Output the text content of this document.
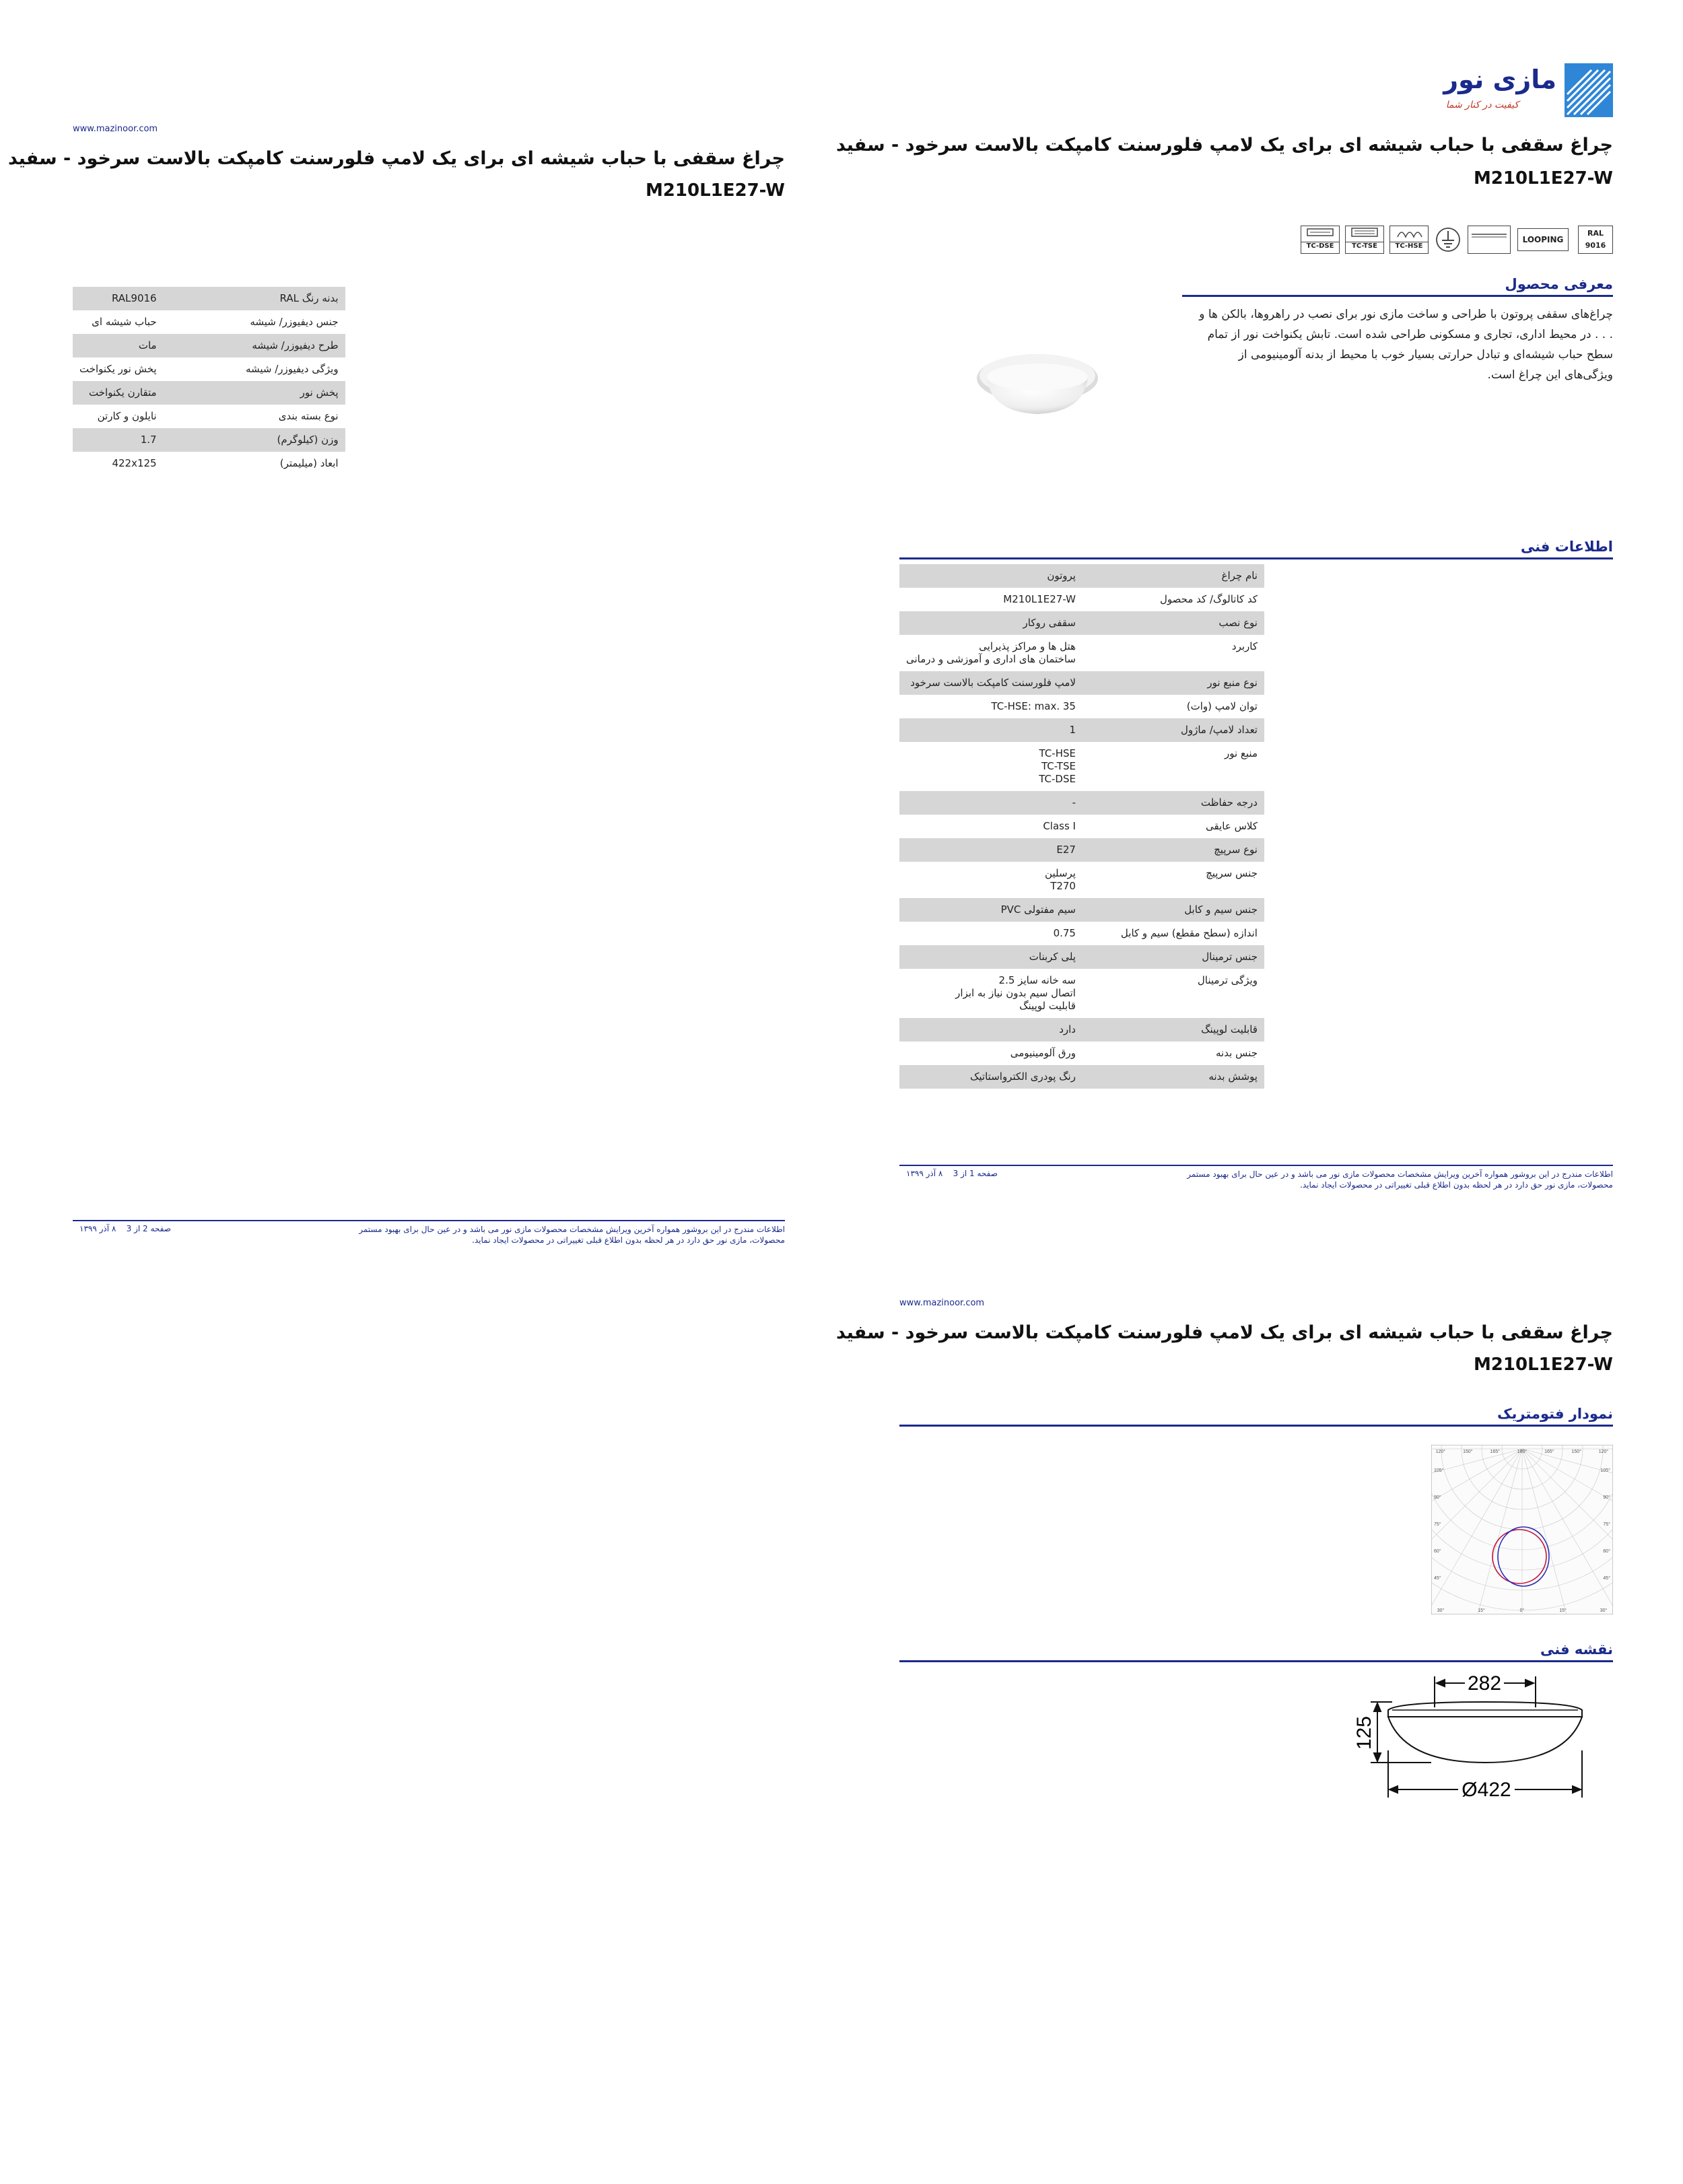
مازی نور
کیفیت در کنار شما
چراغ سقفی با حباب شیشه ای برای یک لامپ فلورسنت کامپکت بالاست سرخود - سفید
M210L1E27-W
TC-DSE	TC-TSE	TC-HSE
LOOPING
RAL
9016
معرفی محصول
چراغ‌های سقفی پروتون با طراحی و ساخت مازی نور برای نصب در راهروها، بالکن ها و . . . در محیط اداری، تجاری و مسکونی طراحی شده است. تابش یکنواخت نور از تمام سطح حباب شیشه‌ای و تبادل حرارتی بسیار خوب با محیط از بدنه آلومینیومی از ویژگی‌های این چراغ است.
اطلاعات فنی
نام چراغ	پروتون

کد کاتالوگ/ کد محصول	M210L1E27-W

نوع نصب	سقفی روکار

کاربرد	هتل ها و مراکز پذیرایی
ساختمان های اداری و آموزشی و درمانی

نوع منبع نور	لامپ فلورسنت کامپکت بالاست سرخود

توان لامپ (وات)	TC-HSE: max. 35

تعداد لامپ/ ماژول	1

منبع نور	TC-HSE
TC-TSE
TC-DSE

درجه حفاظت	-

کلاس عایقی	Class I

نوع سرپیچ	E27

جنس سرپیچ	پرسلین
T270

جنس سیم و کابل	سیم مفتولی PVC

اندازه (سطح مقطع) سیم و کابل	0.75

جنس ترمینال	پلی کربنات

ویژگی ترمینال	سه خانه سایز 2.5
اتصال سیم بدون نیاز به ابزار
قابلیت لوپینگ

قابلیت لوپینگ	دارد

جنس بدنه	ورق آلومینیومی

پوشش بدنه	رنگ پودری الکترواستاتیک
اطلاعات مندرج در این بروشور همواره آخرین ویرایش مشخصات محصولات مازی نور می باشد و در عین حال برای بهبود مستمر محصولات، مازی نور حق دارد در هر لحظه بدون اطلاع قبلی تغییراتی در محصولات ایجاد نماید.
صفحه 1 از 3    ۸ آذر ۱۳۹۹
www.mazinoor.com
چراغ سقفی با حباب شیشه ای برای یک لامپ فلورسنت کامپکت بالاست سرخود - سفید
M210L1E27-W
بدنه رنگ RAL	RAL9016

جنس دیفیوزر/ شیشه	حباب شیشه ای

طرح دیفیوزر/ شیشه	مات

ویژگی دیفیوزر/ شیشه	پخش نور یکنواخت

پخش نور	متقارن یکنواخت

نوع بسته بندی	نایلون و کارتن

وزن (کیلوگرم)	1.7

ابعاد (میلیمتر)	422x125
اطلاعات مندرج در این بروشور همواره آخرین ویرایش مشخصات محصولات مازی نور می باشد و در عین حال برای بهبود مستمر محصولات، مازی نور حق دارد در هر لحظه بدون اطلاع قبلی تغییراتی در محصولات ایجاد نماید.
صفحه 2 از 3    ۸ آذر ۱۳۹۹
www.mazinoor.com
چراغ سقفی با حباب شیشه ای برای یک لامپ فلورسنت کامپکت بالاست سرخود - سفید
M210L1E27-W
نمودار فتومتریک
120°	150°	165°	180°	165°	150°	120°
105°	105°
90°	90°
75°	75°
60°	60°
45°	45°
30°	15°	0°	15°	30°
نقشه فنی
282
125
Ø422
